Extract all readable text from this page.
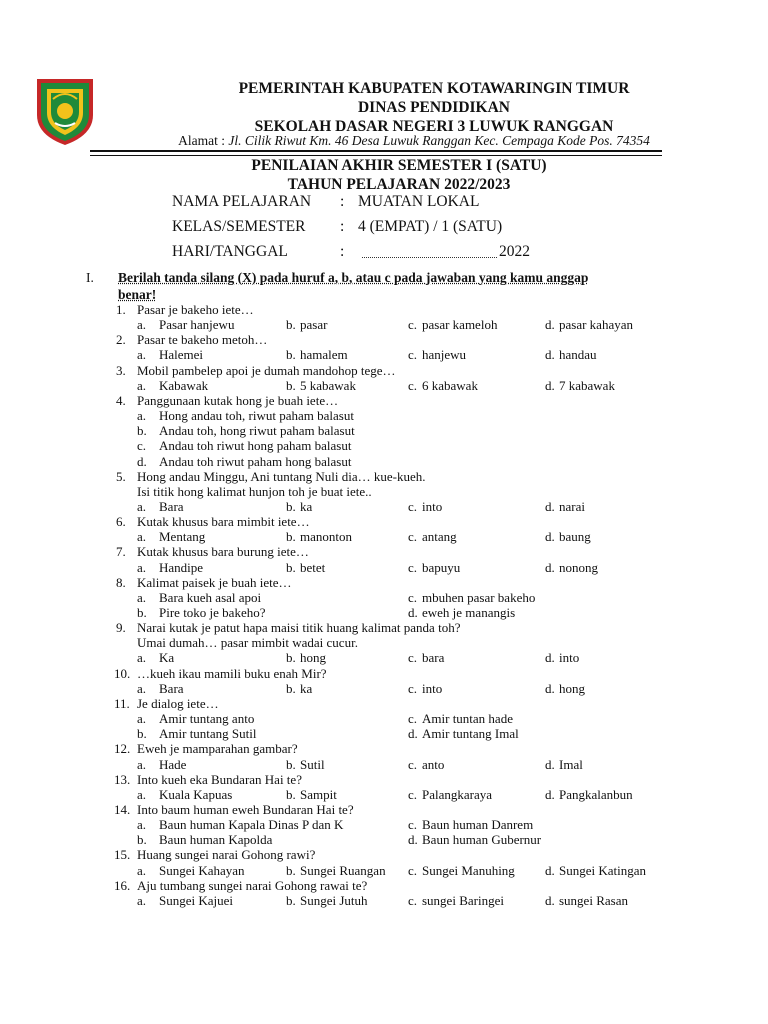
PEMERINTAH KABUPATEN KOTAWARINGIN TIMUR
DINAS PENDIDIKAN
SEKOLAH DASAR NEGERI 3 LUWUK RANGGAN
Alamat : Jl. Cilik Riwut Km. 46 Desa Luwuk Ranggan Kec. Cempaga Kode Pos. 74354
PENILAIAN AKHIR SEMESTER I (SATU)
TAHUN PELAJARAN 2022/2023
NAMA PELAJARAN : MUATAN LOKAL
KELAS/SEMESTER : 4 (EMPAT) / 1 (SATU)
HARI/TANGGAL	:	2022
I. Berilah tanda silang (X) pada huruf a, b, atau c pada jawaban yang kamu anggap
benar!
1. Pasar je bakeho iete…
a. Pasar hanjewu	b. pasar	c. pasar kameloh	d. pasar kahayan
2. Pasar te bakeho metoh…
a. Halemei	b. hamalem	c. hanjewu	d. handau
3. Mobil pambelep apoi je dumah mandohop tege…
a. Kabawak	b. 5 kabawak	c. 6 kabawak	d. 7 kabawak
4. Panggunaan kutak hong je buah iete…
a. Hong andau toh, riwut paham balasut
b. Andau toh, hong riwut paham balasut
c. Andau toh riwut hong paham balasut
d. Andau toh riwut paham hong balasut
5. Hong andau Minggu, Ani tuntang Nuli dia… kue-kueh.
Isi titik hong kalimat hunjon toh je buat iete..
a. Bara	b. ka	c. into	d. narai
6. Kutak khusus bara mimbit iete…
a. Mentang	b. manonton	c. antang	d. baung
7. Kutak khusus bara burung iete…
a. Handipe	b. betet	c. bapuyu	d. nonong
8. Kalimat paisek je buah iete…
a. Bara kueh asal apoi	c. mbuhen pasar bakeho
b. Pire toko je bakeho?	d. eweh je manangis
9. Narai kutak je patut hapa maisi titik huang kalimat panda toh?
Umai dumah… pasar mimbit wadai cucur.
a. Ka	b. hong	c. bara	d. into
10. …kueh ikau mamili buku enah Mir?
a. Bara	b. ka	c. into	d. hong
11. Je dialog iete…
a. Amir tuntang anto	c. Amir tuntan hade
b. Amir tuntang Sutil	d. Amir tuntang Imal
12. Eweh je mamparahan gambar?
a. Hade	b. Sutil	c. anto	d. Imal
13. Into kueh eka Bundaran Hai te?
a. Kuala Kapuas	b. Sampit	c. Palangkaraya	d. Pangkalanbun
14. Into baum human eweh Bundaran Hai te?
a. Baun human Kapala Dinas P dan K	c. Baun human Danrem
b. Baun human Kapolda	d. Baun human Gubernur
15. Huang sungei narai Gohong rawi?
a. Sungei Kahayan	b. Sungei Ruangan c. Sungei Manuhing d. Sungei Katingan
16. Aju tumbang sungei narai Gohong rawai te?
a. Sungei Kajuei	b. Sungei Jutuh	c. sungei Baringei	d. sungei Rasan
